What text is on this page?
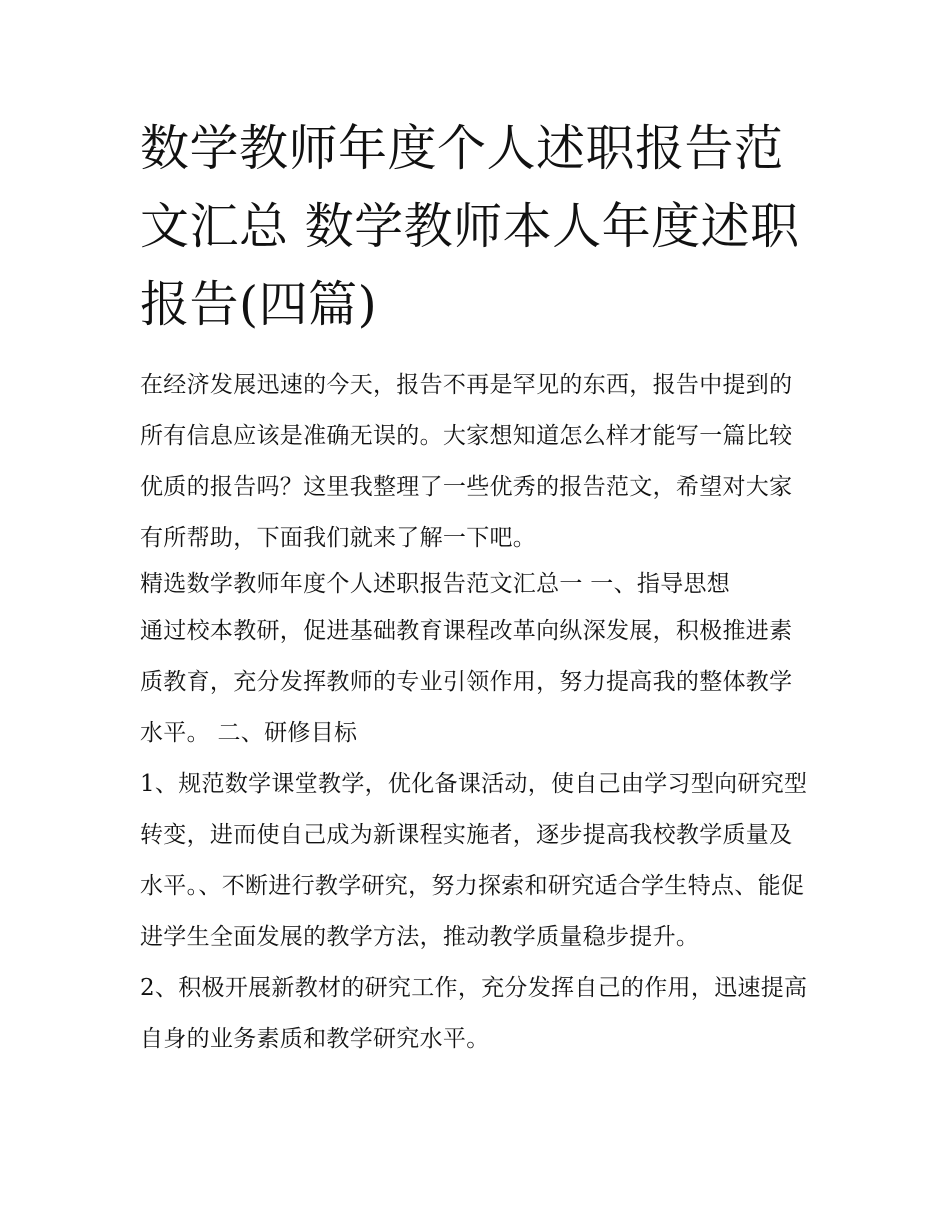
数学教师年度个人述职报告范文汇总 数学教师本人年度述职报告(四篇)

在经济发展迅速的今天，报告不再是罕见的东西，报告中提到的所有信息应该是准确无误的。大家想知道怎么样才能写一篇比较优质的报告吗？这里我整理了一些优秀的报告范文，希望对大家有所帮助，下面我们就来了解一下吧。

精选数学教师年度个人述职报告范文汇总一 一、指导思想

通过校本教研，促进基础教育课程改革向纵深发展，积极推进素质教育，充分发挥教师的专业引领作用，努力提高我的整体教学水平。 二、研修目标

1、规范数学课堂教学，优化备课活动，使自己由学习型向研究型转变，进而使自己成为新课程实施者，逐步提高我校教学质量及水平。、不断进行教学研究，努力探索和研究适合学生特点、能促进学生全面发展的教学方法，推动教学质量稳步提升。

2、积极开展新教材的研究工作，充分发挥自己的作用，迅速提高自身的业务素质和教学研究水平。
